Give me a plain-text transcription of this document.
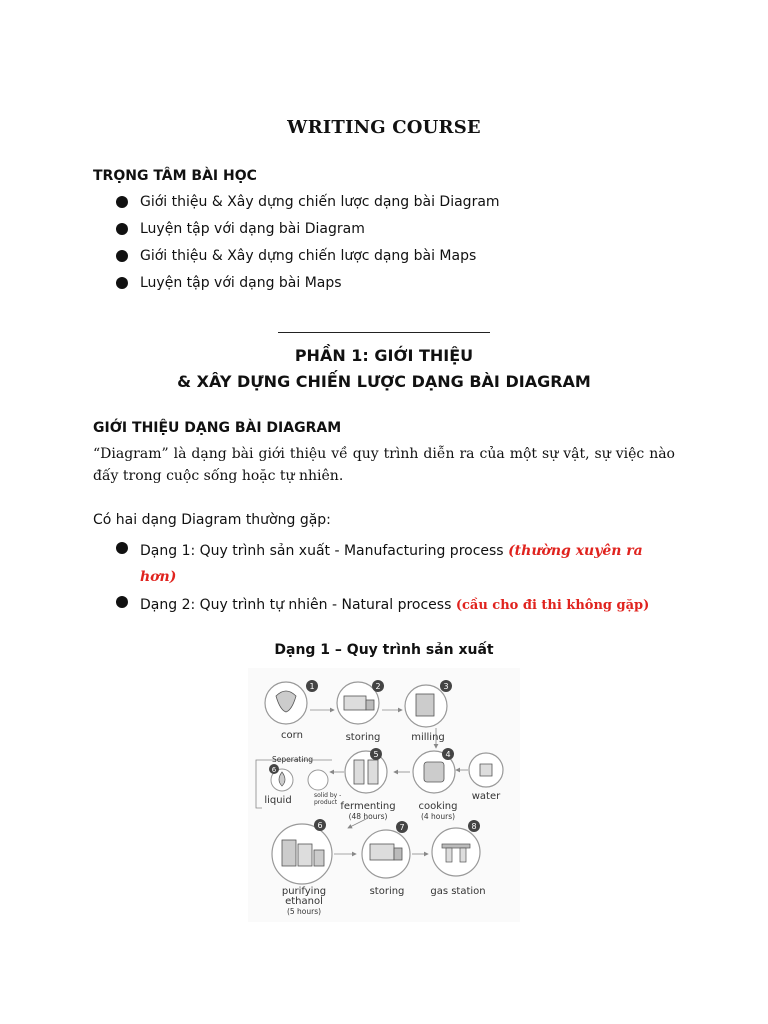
WRITING COURSE
TRỌNG TÂM BÀI HỌC
Giới thiệu & Xây dựng chiến lược dạng bài Diagram
Luyện tập với dạng bài Diagram
Giới thiệu & Xây dựng chiến lược dạng bài Maps
Luyện tập với dạng bài Maps
PHẦN 1: GIỚI THIỆU
& XÂY DỰNG CHIẾN LƯỢC DẠNG BÀI DIAGRAM
GIỚI THIỆU DẠNG BÀI DIAGRAM
“Diagram” là dạng bài giới thiệu về quy trình diễn ra của một sự vật, sự việc nào đấy trong cuộc sống hoặc tự nhiên.
Có hai dạng Diagram thường gặp:
Dạng 1: Quy trình sản xuất - Manufacturing process (thường xuyên ra hơn)
Dạng 2: Quy trình tự nhiên - Natural process (cầu cho đi thi không gặp)
Dạng 1 – Quy trình sản xuất
1
corn
2
storing
3
milling
water
4
cooking
(4 hours)
5
fermenting
(48 hours)
Seperating
6
liquid	solid by -product
6
purifying ethanol
(5 hours)
7
storing
8
gas station
